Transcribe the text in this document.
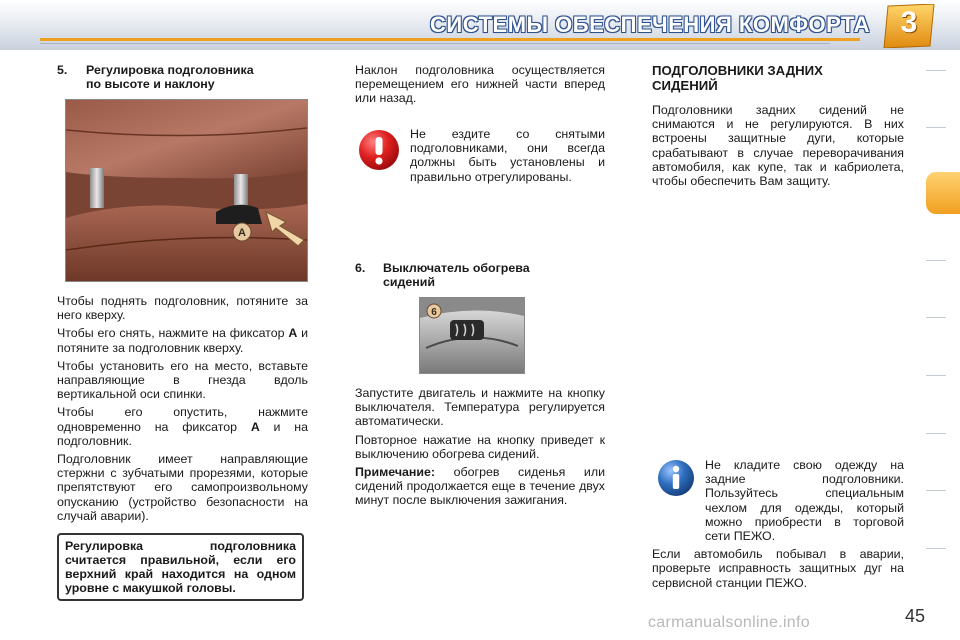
СИСТЕМЫ ОБЕСПЕЧЕНИЯ КОМФОРТА	3
5. Регулировка подголовника
по высоте и наклону
A

Чтобы поднять подголовник, потяните за него кверху.

Чтобы его снять, нажмите на фиксатор A и потяните за подголовник кверху.

Чтобы установить его на место, вставьте направляющие в гнезда вдоль вертикальной оси спинки.

Чтобы его опустить, нажмите одновременно на фиксатор A и на подголовник.

Подголовник имеет направляющие стержни с зубчатыми прорезями, которые препятствуют его самопроизвольному опусканию (устройство безопасности на случай аварии).

Регулировка подголовника считается правильной, если его верхний край находится на одном уровне с макушкой головы.

Наклон подголовника осуществляется перемещением его нижней части вперед или назад.

Не ездите со снятыми подголовниками, они всегда должны быть установлены и правильно отрегулированы.

6. Выключатель обогрева
сидений
6

Запустите двигатель и нажмите на кнопку выключателя. Температура регулируется автоматически.

Повторное нажатие на кнопку приведет к выключению обогрева сидений.

Примечание: обогрев сиденья или сидений продолжается еще в течение двух минут после выключения зажигания.

ПОДГОЛОВНИКИ ЗАДНИХ
СИДЕНИЙ

Подголовники задних сидений не снимаются и не регулируются. В них встроены защитные дуги, которые срабатывают в случае переворачивания автомобиля, как купе, так и кабриолета, чтобы обеспечить Вам защиту.

Не кладите свою одежду на задние подголовники. Пользуйтесь специальным чехлом для одежды, который можно приобрести в торговой сети ПЕЖО.

Если автомобиль побывал в аварии, проверьте исправность защитных дуг на сервисной станции ПЕЖО.

45
carmanualsonline.info
